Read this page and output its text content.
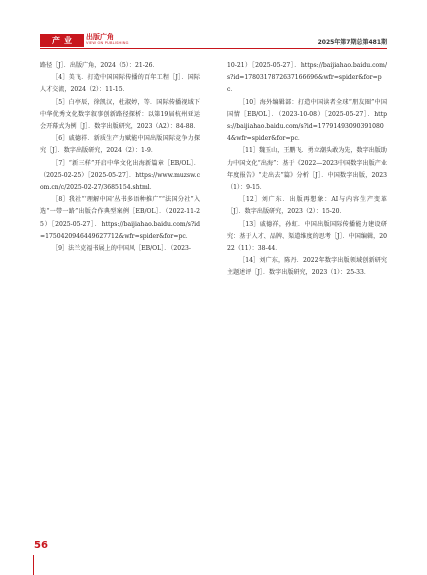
产业	出版广角
VIEW ON PUBLISHING	2025年第7期总第481期

路径［J］．出版广角，2024（5）：21-26．

［4］美飞．打造中国国际传播的百年工程［J］．国际人才交流，2024（2）：11-15．

［5］白亭辰，徐凯汉，杜淑婷，等．国际传播视域下中华优秀文化数字叙事创新路径探析：以第19届杭州亚运会开幕式为例［J］．数字出版研究，2023（A2）：84-88．

［6］戚德祥．新质生产力赋能中国出版国际竞争力探究［J］．数字出版研究，2024（2）：1-9．

［7］“新三样”开启中华文化出海新篇章［EB/OL］．（2025-02-25）［2025-05-27］．https://www.muzsw.com.cn/c/2025-02-27/3685154.shtml．

［8］我社“‘理解中国’丛书多语种推广”“法国分社”入选“一带一路”出版合作典型案例［EB/OL］．（2022-11-25）［2025-05-27］．https://baijiahao.baidu.com/s?id=1750420946449627712&wfr=spider&for=pc．

［9］法兰克福书展上的中国风［EB/OL］．（2023-

10-21）［2025-05-27］．https://baijiahao.baidu.com/s?id=1780317872637166696&wfr=spider&for=pc．

［10］海外编辑部：打造中国读者全球“朋友圈”中国国情［EB/OL］．（2023-10-08）［2025-05-27］．https://baijiahao.baidu.com/s?id=17791493090391080 4&wfr=spider&for=pc．

［11］魏玉山，王鹏飞．勇立潮头敢为先，数字出版助力中国文化“出海”：基于《2022—2023中国数字出版产业年度报告》“走出去”篇》分析［J］．中国数字出版，2023（1）：9-15．

［12］刘广东．出版再想象：AI与内容生产变革［J］．数字出版研究，2023（2）：15-20．

［13］戚德祥，孙虹．中国出版国际传播能力建设研究：基于人才、品牌、渠道维度的思考［J］．中国编辑，2022（11）：38-44．

［14］刘广东，陈丹．2022年数字出版领域创新研究主题述评［J］．数字出版研究，2023（1）：25-33．

56
